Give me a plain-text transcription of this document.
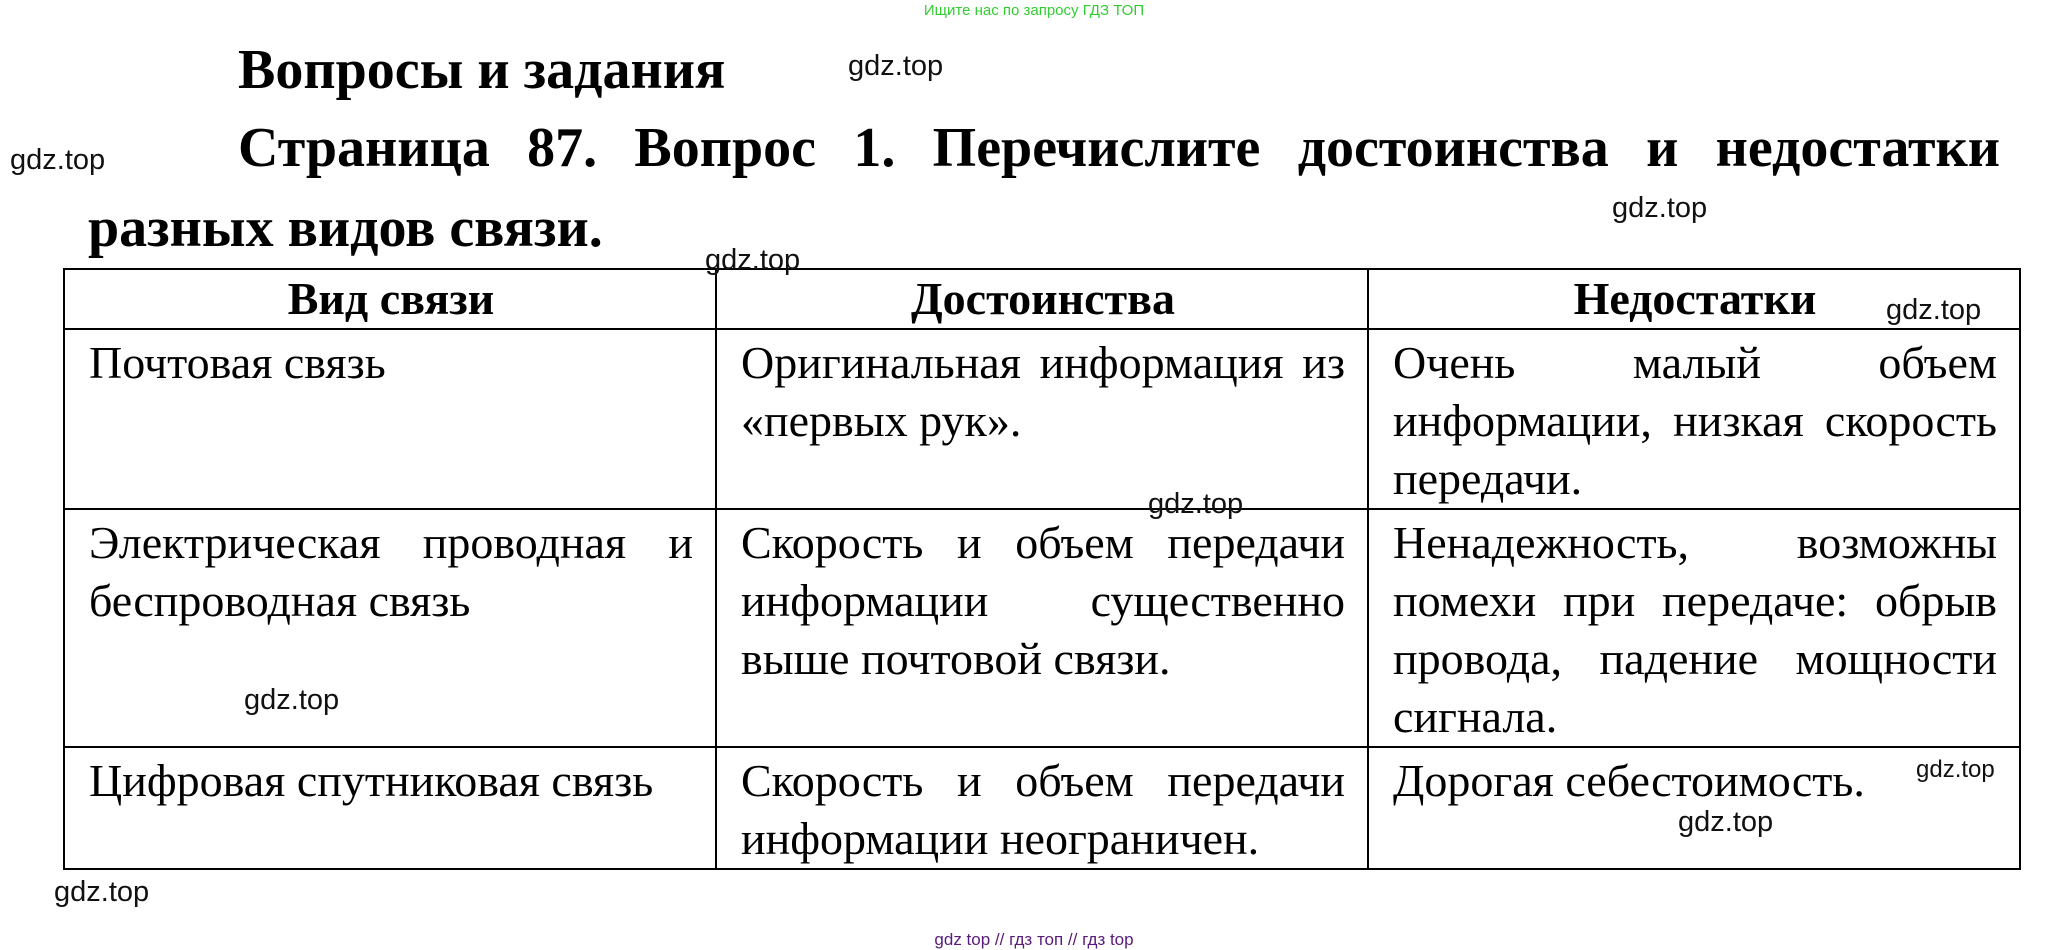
Ищите нас по запросу ГДЗ ТОП
Вопросы и задания
Страница 87. Вопрос 1. Перечислите достоинства и недостатки
разных видов связи.
Вид связи	Достоинства	Недостатки
Почтовая связь	Оригинальная информация из «первых рук».	Очень малый объем информации, низкая скорость передачи.
Электрическая проводная и беспроводная связь	Скорость и объем передачи информации существенно выше почтовой связи.	Ненадежность, возможны помехи при передаче: обрыв провода, падение мощности сигнала.
Цифровая спутниковая связь	Скорость и объем передачи информации неограничен.	Дорогая себестоимость.
gdz.top
gdz.top
gdz.top
gdz.top
gdz.top
gdz.top
gdz.top
gdz.top
gdz.top
gdz.top
gdz top // гдз топ // гдз top
